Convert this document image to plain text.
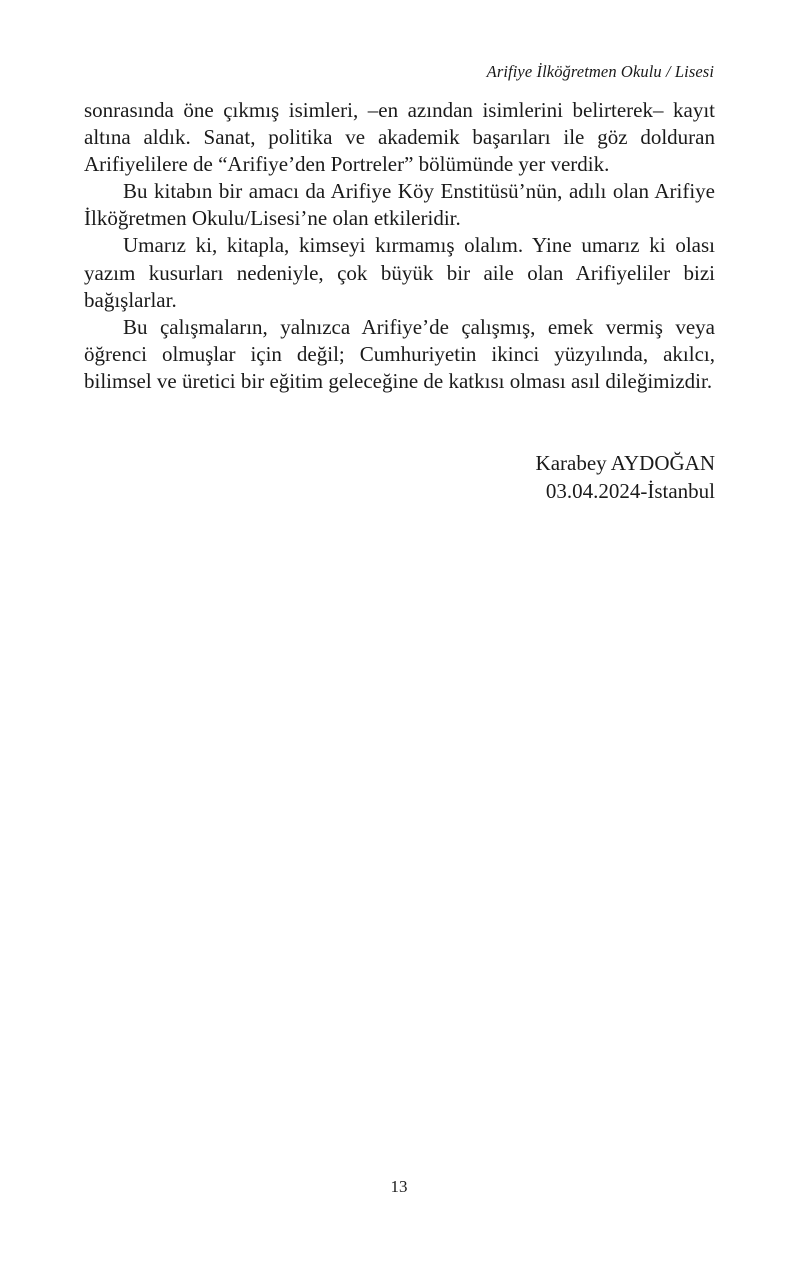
Arifiye İlköğretmen Okulu / Lisesi

sonrasında öne çıkmış isimleri, –en azından isimlerini belirterek– kayıt altına aldık. Sanat, politika ve akademik başarıları ile göz dolduran Arifiyelilere de “Arifiye’den Portreler” bölümünde yer verdik.

Bu kitabın bir amacı da Arifiye Köy Enstitüsü’nün, adılı olan Arifiye İlköğretmen Okulu/Lisesi’ne olan etkileridir.

Umarız ki, kitapla, kimseyi kırmamış olalım. Yine umarız ki olası yazım kusurları nedeniyle, çok büyük bir aile olan Arifiyeliler bizi bağışlarlar.

Bu çalışmaların, yalnızca Arifiye’de çalışmış, emek vermiş veya öğrenci olmuşlar için değil; Cumhuriyetin ikinci yüzyılında, akılcı, bilimsel ve üretici bir eğitim geleceğine de katkısı olması asıl dileğimizdir.

Karabey AYDOĞAN
03.04.2024-İstanbul
13
